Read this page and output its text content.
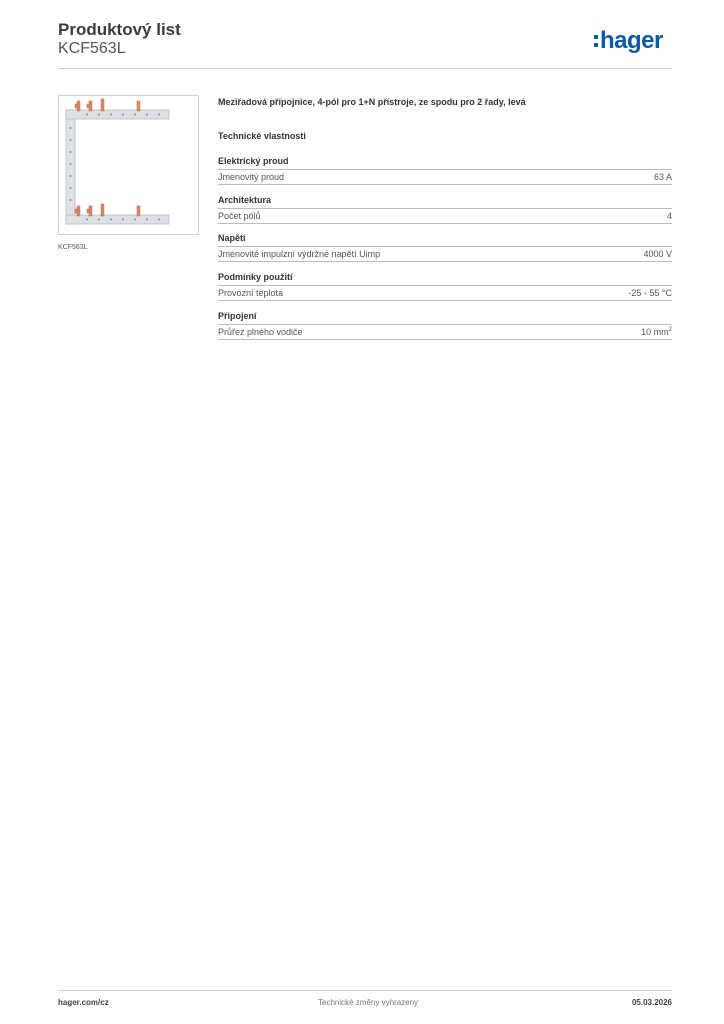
Produktový list
KCF563L	hager
KCF563L
Meziřadová přípojnice, 4-pól pro 1+N přístroje, ze spodu pro 2 řady, levá
Technické vlastnosti
Elektrický proud
Jmenovitý proud	63 A
Architektura
Počet pólů	4
Napětí
Jmenovité impulzní výdržné napětí Uimp	4000 V
Podmínky použití
Provozní teplota	-25 - 55 °C
Připojení
Průřez plného vodiče	10 $mm^2$
hager.com/cz	Technické změny vyhrazeny	05.03.2026
